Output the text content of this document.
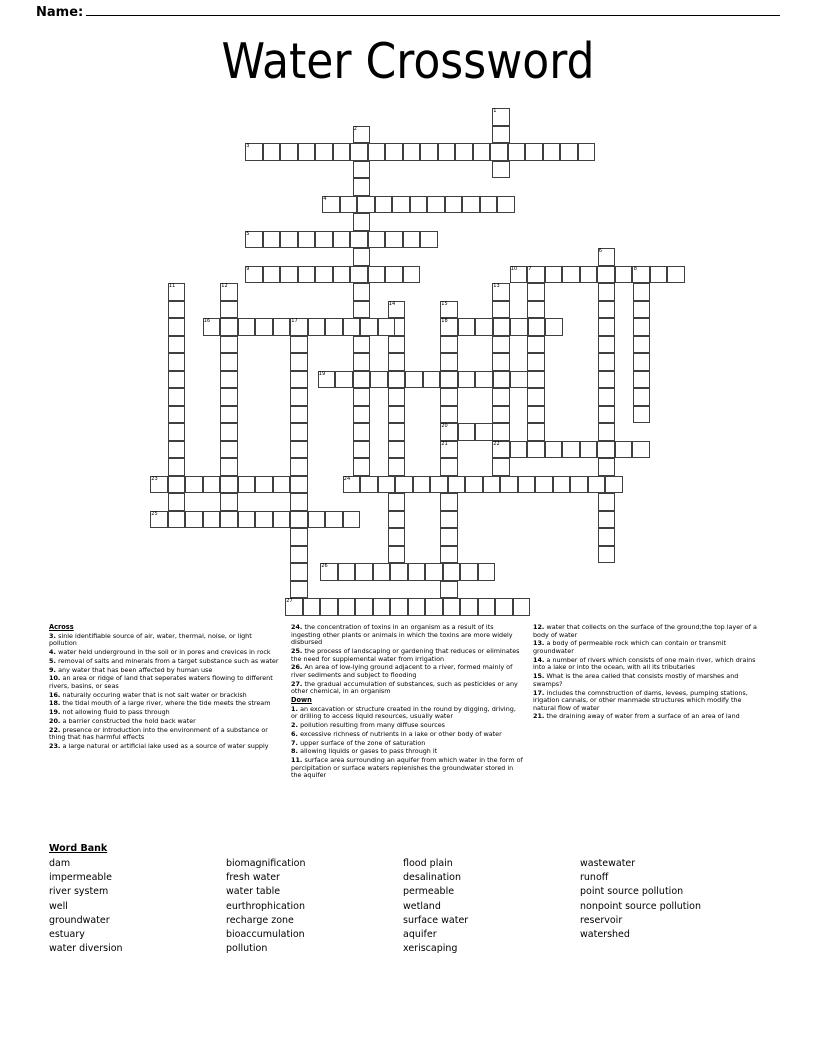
Name:
Water Crossword
1
2
3
4
5
6
7	8
9	10
11	12	13
14	15
16	17	18
19
20
21	22
23	24
25
26
27
Across
3. sinle identifiable source of air, water, thermal, noise, or light pollution
4. water held underground in the soil or in pores and crevices in rock
5. removal of salts and minerals from a target substance such as water
9. any water that has been affected by human use
10. an area or ridge of land that seperates waters flowing to different rivers, basins, or seas
16. naturally occuring water that is not salt water or brackish
18. the tidal mouth of a large river, where the tide meets the stream
19. not allowing fluid to pass through
20. a barrier constructed the hold back water
22. presence or introduction into the environment of a substance or thing that has harmful effects
23. a large natural or artificial lake used as a source of water supply
24. the concentration of toxins in an organism as a result of its ingesting other plants or animals in which the toxins are more widely disbursed
25. the process of landscaping or gardening that reduces or eliminates the need for supplemental water from irrigation
26. An area of low-lying ground adjacent to a river, formed mainly of river sediments and subject to flooding
27. the gradual accumulation of substances, such as pesticides or any other chemical, in an organism
Down
1. an excavation or structure created in the round by digging, driving, or drilling to access liquid resources, usually water
2. pollution resulting from many diffuse sources
6. excessive richness of nutrients in a lake or other body of water
7. upper surface of the zone of saturation
8. allowing liquids or gases to pass through it
11. surface area surrounding an aquifer from which water in the form of percipitation or surface waters replenishes the groundwater stored in the aquifer
12. water that collects on the surface of the ground;the top layer of a body of water
13. a body of permeable rock which can contain or transmit groundwater
14. a number of rivers which consists of one main river, which drains into a lake or into the ocean, with all its tributaries
15. What is the area called that consists mostly of marshes and swamps?
17. includes the comnstruction of dams, levees, pumping stations, irigation cannals, or other manmade structures which modify the natural flow of water
21. the draining away of water from a surface of an area of land
Word Bank
dam
impermeable
river system
well
groundwater
estuary
water diversion
biomagnification
fresh water
water table
eurthrophication
recharge zone
bioaccumulation
pollution
flood plain
desalination
permeable
wetland
surface water
aquifer
xeriscaping
wastewater
runoff
point source pollution
nonpoint source pollution
reservoir
watershed
